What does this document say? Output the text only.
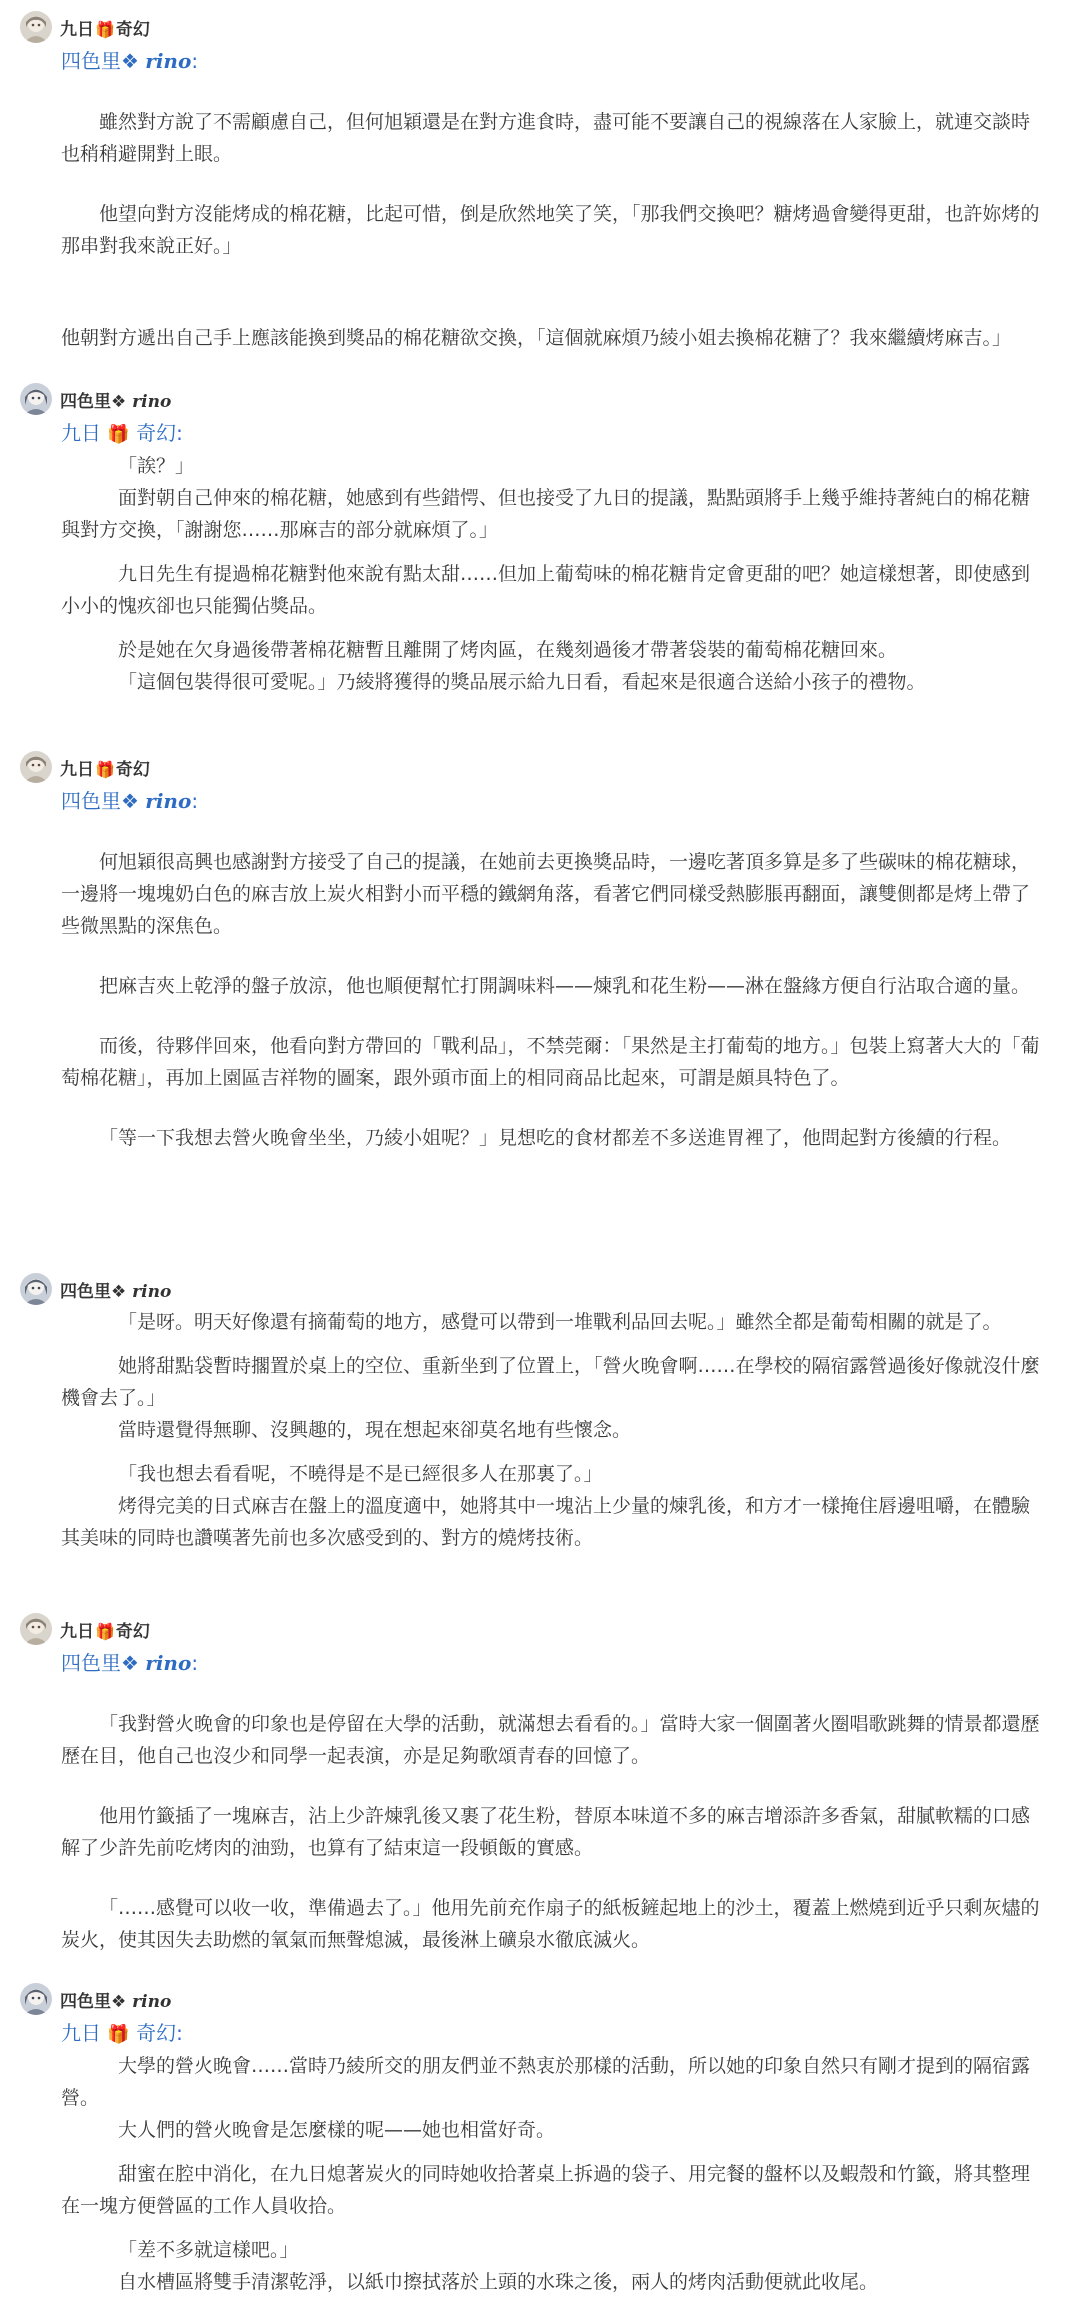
九日🎁奇幻
四色里❖ rino:

雖然對方說了不需顧慮自己，但何旭穎還是在對方進食時，盡可能不要讓自己的視線落在人家臉上，就連交談時也稍稍避開對上眼。

他望向對方沒能烤成的棉花糖，比起可惜，倒是欣然地笑了笑，「那我們交換吧？糖烤過會變得更甜，也許妳烤的那串對我來說正好。」

他朝對方遞出自己手上應該能換到獎品的棉花糖欲交換，「這個就麻煩乃綾小姐去換棉花糖了？我來繼續烤麻吉。」

四色里❖ rino
九日 🎁 奇幻:

「誒？」

面對朝自己伸來的棉花糖，她感到有些錯愕、但也接受了九日的提議，點點頭將手上幾乎維持著純白的棉花糖與對方交換，「謝謝您……那麻吉的部分就麻煩了。」

九日先生有提過棉花糖對他來說有點太甜……但加上葡萄味的棉花糖肯定會更甜的吧？她這樣想著，即使感到小小的愧疚卻也只能獨佔獎品。

於是她在欠身過後帶著棉花糖暫且離開了烤肉區，在幾刻過後才帶著袋裝的葡萄棉花糖回來。

「這個包裝得很可愛呢。」乃綾將獲得的獎品展示給九日看，看起來是很適合送給小孩子的禮物。

九日🎁奇幻
四色里❖ rino:

何旭穎很高興也感謝對方接受了自己的提議，在她前去更換獎品時，一邊吃著頂多算是多了些碳味的棉花糖球，一邊將一塊塊奶白色的麻吉放上炭火相對小而平穩的鐵網角落，看著它們同樣受熱膨脹再翻面，讓雙側都是烤上帶了些微黑點的深焦色。

把麻吉夾上乾淨的盤子放涼，他也順便幫忙打開調味料——煉乳和花生粉——淋在盤緣方便自行沾取合適的量。

而後，待夥伴回來，他看向對方帶回的「戰利品」，不禁莞爾：「果然是主打葡萄的地方。」包裝上寫著大大的「葡萄棉花糖」，再加上園區吉祥物的圖案，跟外頭市面上的相同商品比起來，可謂是頗具特色了。

「等一下我想去營火晚會坐坐，乃綾小姐呢？」見想吃的食材都差不多送進胃裡了，他問起對方後續的行程。

四色里❖ rino

「是呀。明天好像還有摘葡萄的地方，感覺可以帶到一堆戰利品回去呢。」雖然全都是葡萄相關的就是了。

她將甜點袋暫時擱置於桌上的空位、重新坐到了位置上，「營火晚會啊……在學校的隔宿露營過後好像就沒什麼機會去了。」

當時還覺得無聊、沒興趣的，現在想起來卻莫名地有些懷念。

「我也想去看看呢，不曉得是不是已經很多人在那裏了。」

烤得完美的日式麻吉在盤上的溫度適中，她將其中一塊沾上少量的煉乳後，和方才一樣掩住唇邊咀嚼，在體驗其美味的同時也讚嘆著先前也多次感受到的、對方的燒烤技術。

九日🎁奇幻
四色里❖ rino:

「我對營火晚會的印象也是停留在大學的活動，就滿想去看看的。」當時大家一個圍著火圈唱歌跳舞的情景都還歷歷在目，他自己也沒少和同學一起表演，亦是足夠歌頌青春的回憶了。

他用竹籤插了一塊麻吉，沾上少許煉乳後又裹了花生粉，替原本味道不多的麻吉增添許多香氣，甜膩軟糯的口感解了少許先前吃烤肉的油勁，也算有了結束這一段頓飯的實感。

「……感覺可以收一收，準備過去了。」他用先前充作扇子的紙板鏟起地上的沙土，覆蓋上燃燒到近乎只剩灰燼的炭火，使其因失去助燃的氧氣而無聲熄滅，最後淋上礦泉水徹底滅火。

四色里❖ rino
九日 🎁 奇幻:

大學的營火晚會……當時乃綾所交的朋友們並不熱衷於那樣的活動，所以她的印象自然只有剛才提到的隔宿露營。

大人們的營火晚會是怎麼樣的呢——她也相當好奇。

甜蜜在腔中消化，在九日熄著炭火的同時她收拾著桌上拆過的袋子、用完餐的盤杯以及蝦殼和竹籤，將其整理在一塊方便營區的工作人員收拾。

「差不多就這樣吧。」

自水槽區將雙手清潔乾淨，以紙巾擦拭落於上頭的水珠之後，兩人的烤肉活動便就此收尾。
